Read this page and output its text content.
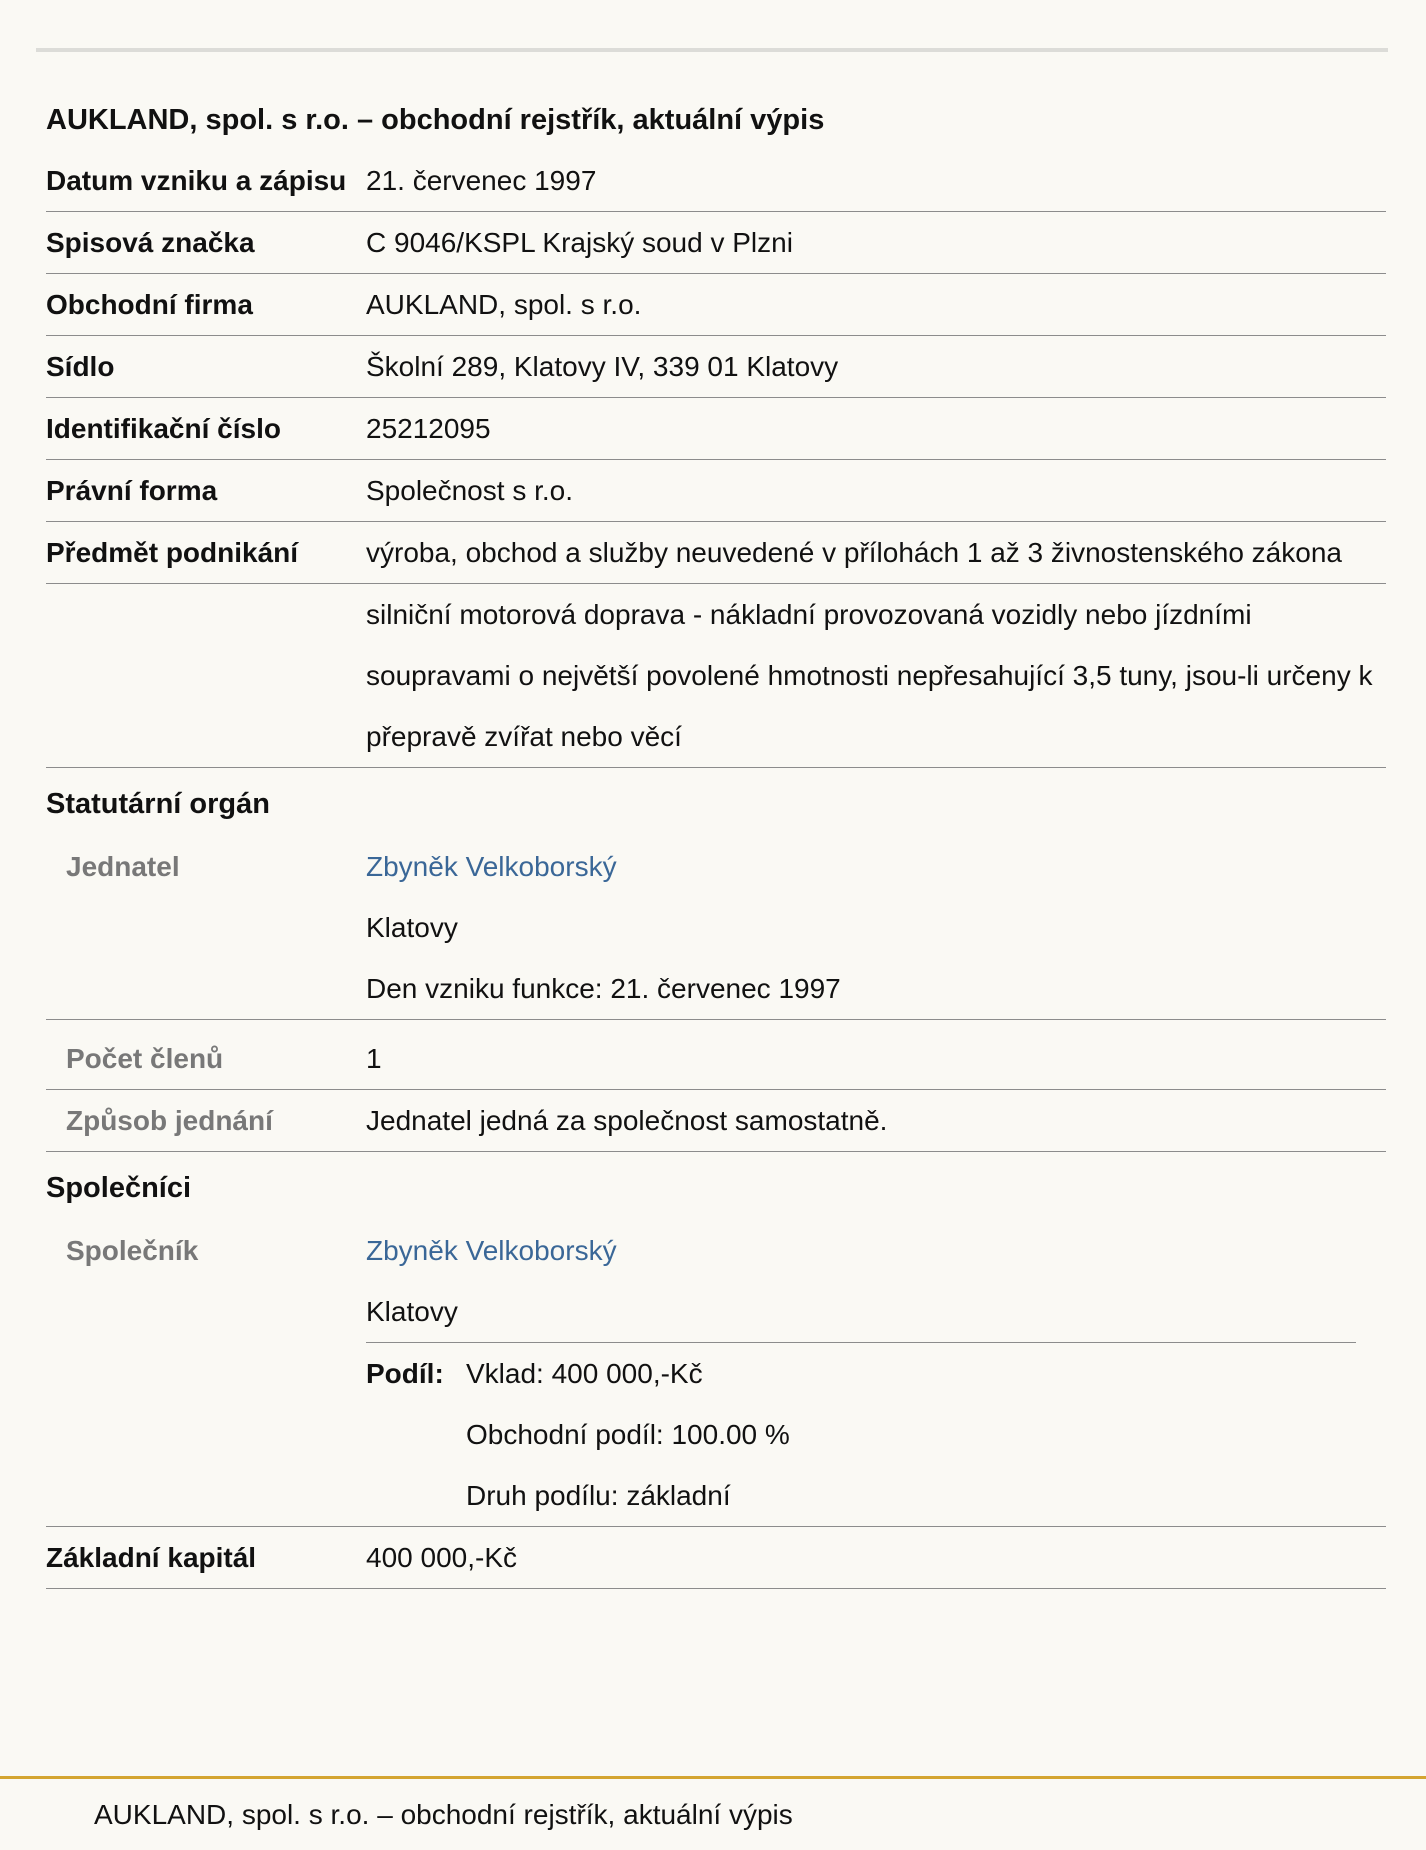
AUKLAND, spol. s r.o. – obchodní rejstřík, aktuální výpis
Datum vzniku a zápisu 21. červenec 1997
Spisová značka	C 9046/KSPL Krajský soud v Plzni
Obchodní firma	AUKLAND, spol. s r.o.
Sídlo	Školní 289, Klatovy IV, 339 01 Klatovy
Identifikační číslo	25212095
Právní forma	Společnost s r.o.
Předmět podnikání	výroba, obchod a služby neuvedené v přílohách 1 až 3 živnostenského zákona
silniční motorová doprava - nákladní provozovaná vozidly nebo jízdními soupravami o největší povolené hmotnosti nepřesahující 3,5 tuny, jsou-li určeny k přepravě zvířat nebo věcí
Statutární orgán
Jednatel	Zbyněk Velkoborský
Klatovy
Den vzniku funkce: 21. červenec 1997
Počet členů	1
Způsob jednání	Jednatel jedná za společnost samostatně.
Společníci
Společník	Zbyněk Velkoborský
Klatovy
Podíl: Vklad: 400 000,-Kč
Obchodní podíl: 100.00 %
Druh podílu: základní
Základní kapitál	400 000,-Kč
AUKLAND, spol. s r.o. – obchodní rejstřík, aktuální výpis
